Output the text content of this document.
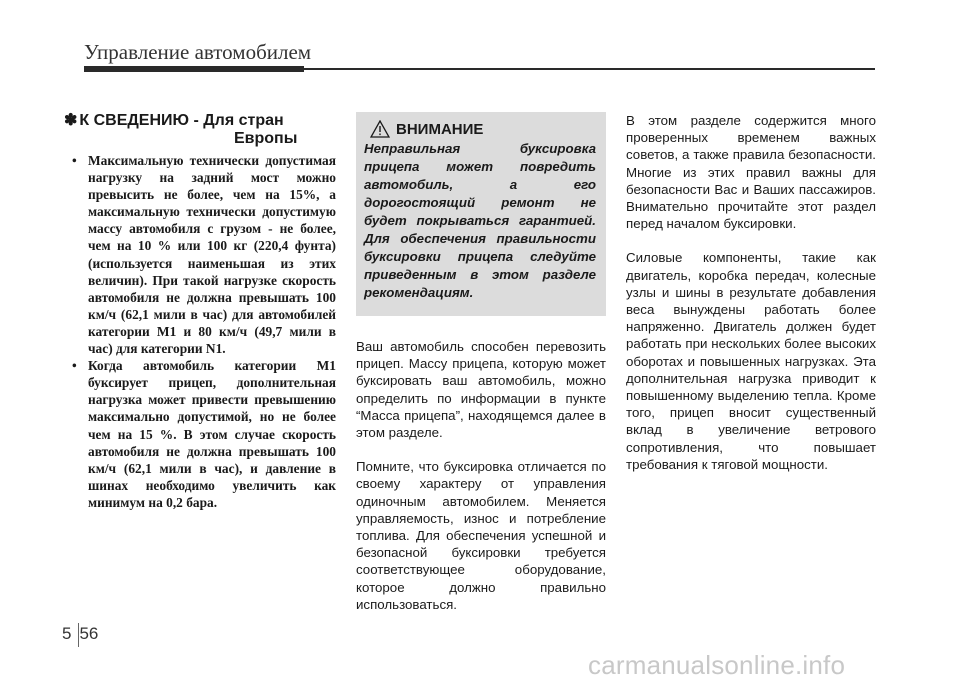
Управление автомобилем
✽ К СВЕДЕНИЮ - Для стран
Европы
• Максимальную технически допустимая нагрузку на задний мост можно превысить не более, чем на 15%, а максимальную технически допустимую массу автомобиля с грузом - не более, чем на 10 % или 100 кг (220,4 фунта) (используется наименьшая из этих величин). При такой нагрузке скорость автомобиля не должна превышать 100 км/ч (62,1 мили в час) для автомобилей категории М1 и 80 км/ч (49,7 мили в час) для категории N1.
• Когда автомобиль категории М1 буксирует прицеп, дополнительная нагрузка может привести превышению максимально допустимой, но не более чем на 15 %. В этом случае скорость автомобиля не должна превышать 100 км/ч (62,1 мили в час), и давление в шинах необходимо увеличить как минимум на 0,2 бара.
ВНИМАНИЕ
Неправильная буксировка прицепа может повредить автомобиль, а его дорогостоящий ремонт не будет покрываться гарантией. Для обеспечения правильности буксировки прицепа следуйте приведенным в этом разделе рекомендациям.

Ваш автомобиль способен перевозить прицеп. Массу прицепа, которую может буксировать ваш автомобиль, можно определить по информации в пункте “Масса прицепа”, находящемся далее в этом разделе.

Помните, что буксировка отличается по своему характеру от управления одиночным автомобилем. Меняется управляемость, износ и потребление топлива. Для обеспечения успешной и безопасной буксировки требуется соответствующее оборудование, которое должно правильно использоваться.

В этом разделе содержится много проверенных временем важных советов, а также правила безопасности. Многие из этих правил важны для безопасности Вас и Ваших пассажиров. Внимательно прочитайте этот раздел перед началом буксировки.

Силовые компоненты, такие как двигатель, коробка передач, колесные узлы и шины в результате добавления веса вынуждены работать более напряженно. Двигатель должен будет работать при нескольких более высоких оборотах и повышенных нагрузках. Эта дополнительная нагрузка приводит к повышенному выделению тепла. Кроме того, прицеп вносит существенный вклад в увеличение ветрового сопротивления, что повышает требования к тяговой мощности.

5 56
carmanualsonline.info
